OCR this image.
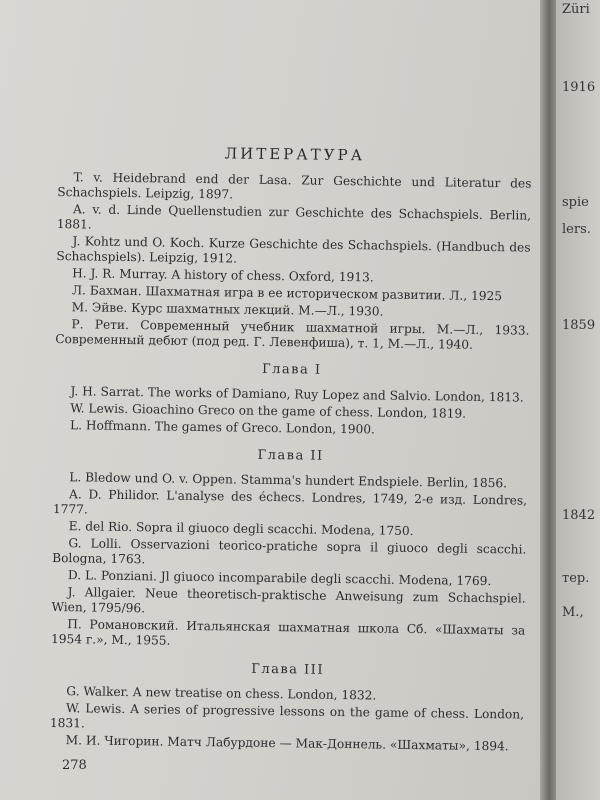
ЛИТЕРАТУРА

T. v. Heidebrand end der Lasa. Zur Geschichte und Literatur des Schachspiels. Leipzig, 1897.

A. v. d. Linde Quellenstudien zur Geschichte des Schachspiels. Berlin, 1881.

J. Kohtz und O. Koch. Kurze Geschichte des Schachspiels. (Handbuch des Schachspiels). Leipzig, 1912.

H. J. R. Murray. A history of chess. Oxford, 1913.

Л. Бахман. Шахматная игра в ее историческом развитии. Л., 1925

М. Эйве. Курс шахматных лекций. М.—Л., 1930.

Р. Рети. Современный учебник шахматной игры. М.—Л., 1933. Современный дебют (под ред. Г. Левенфиша), т. 1, М.—Л., 1940.

Глава I

J. H. Sarrat. The works of Damiano, Ruy Lopez and Salvio. London, 1813.

W. Lewis. Gioachino Greco on the game of chess. London, 1819.

L. Hoffmann. The games of Greco. London, 1900.

Глава II

L. Bledow und O. v. Oppen. Stamma's hundert Endspiele. Berlin, 1856.

A. D. Philidor. L'analyse des échecs. Londres, 1749, 2-е изд. Londres, 1777.

E. del Rio. Sopra il giuoco degli scacchi. Modena, 1750.

G. Lolli. Osservazioni teorico-pratiche sopra il giuoco degli scacchi. Bologna, 1763.

D. L. Ponziani. Jl giuoco incomparabile degli scacchi. Modena, 1769.

J. Allgaier. Neue theoretisch-praktische Anweisung zum Schachspiel. Wien, 1795/96.

П. Романовский. Итальянская шахматная школа Сб. «Шахматы за 1954 г.», М., 1955.

Глава III

G. Walker. A new treatise on chess. London, 1832.

W. Lewis. A series of progressive lessons on the game of chess. London, 1831.

М. И. Чигорин. Матч Лабурдоне — Мак-Доннель. «Шахматы», 1894.

278
Züri
1916
spie
lers.
1859
1842
тер.
М.,
